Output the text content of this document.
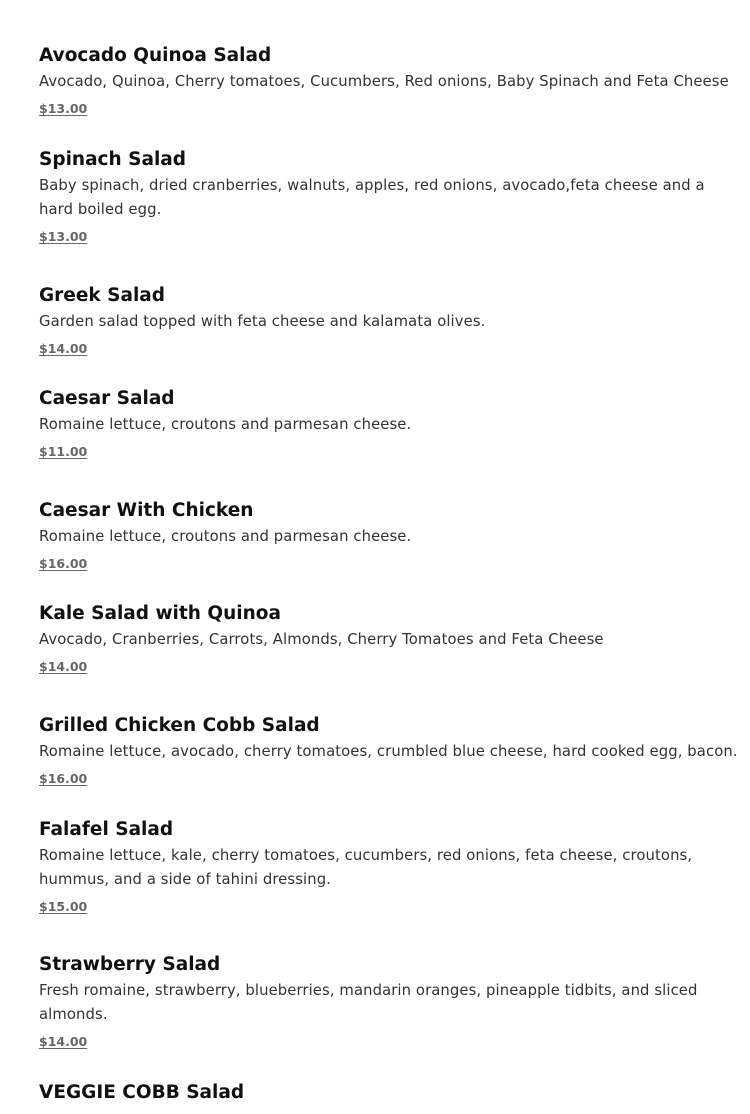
Avocado Quinoa Salad
Avocado, Quinoa, Cherry tomatoes, Cucumbers, Red onions, Baby Spinach and Feta Cheese
$13.00
Spinach Salad
Baby spinach, dried cranberries, walnuts, apples, red onions, avocado,feta cheese and a hard boiled egg.
$13.00
Greek Salad
Garden salad topped with feta cheese and kalamata olives.
$14.00
Caesar Salad
Romaine lettuce, croutons and parmesan cheese.
$11.00
Caesar With Chicken
Romaine lettuce, croutons and parmesan cheese.
$16.00
Kale Salad with Quinoa
Avocado, Cranberries, Carrots, Almonds, Cherry Tomatoes and Feta Cheese
$14.00
Grilled Chicken Cobb Salad
Romaine lettuce, avocado, cherry tomatoes, crumbled blue cheese, hard cooked egg, bacon.
$16.00
Falafel Salad
Romaine lettuce, kale, cherry tomatoes, cucumbers, red onions, feta cheese, croutons, hummus, and a side of tahini dressing.
$15.00
Strawberry Salad
Fresh romaine, strawberry, blueberries, mandarin oranges, pineapple tidbits, and sliced almonds.
$14.00
VEGGIE COBB Salad
